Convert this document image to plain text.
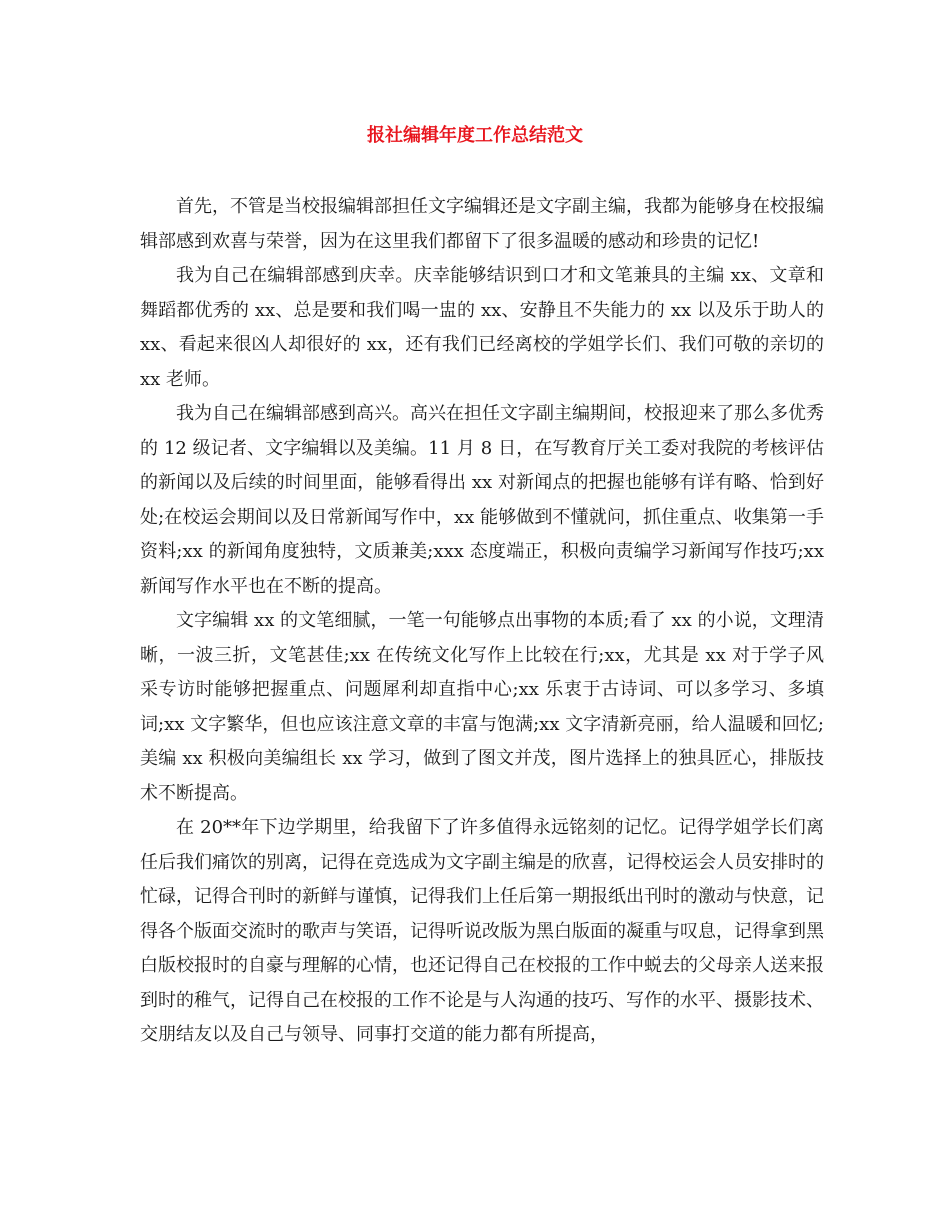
报社编辑年度工作总结范文

首先，不管是当校报编辑部担任文字编辑还是文字副主编，我都为能够身在校报编辑部感到欢喜与荣誉，因为在这里我们都留下了很多温暖的感动和珍贵的记忆!

我为自己在编辑部感到庆幸。庆幸能够结识到口才和文笔兼具的主编 xx、文章和舞蹈都优秀的 xx、总是要和我们喝一盅的 xx、安静且不失能力的 xx 以及乐于助人的 xx、看起来很凶人却很好的 xx，还有我们已经离校的学姐学长们、我们可敬的亲切的 xx 老师。

我为自己在编辑部感到高兴。高兴在担任文字副主编期间，校报迎来了那么多优秀的 12 级记者、文字编辑以及美编。11 月 8 日，在写教育厅关工委对我院的考核评估的新闻以及后续的时间里面，能够看得出 xx 对新闻点的把握也能够有详有略、恰到好处;在校运会期间以及日常新闻写作中，xx 能够做到不懂就问，抓住重点、收集第一手资料;xx 的新闻角度独特，文质兼美;xxx 态度端正，积极向责编学习新闻写作技巧;xx 新闻写作水平也在不断的提高。

文字编辑 xx 的文笔细腻，一笔一句能够点出事物的本质;看了 xx 的小说，文理清晰，一波三折，文笔甚佳;xx 在传统文化写作上比较在行;xx，尤其是 xx 对于学子风采专访时能够把握重点、问题犀利却直指中心;xx 乐衷于古诗词、可以多学习、多填词;xx 文字繁华，但也应该注意文章的丰富与饱满;xx 文字清新亮丽，给人温暖和回忆;美编 xx 积极向美编组长 xx 学习，做到了图文并茂，图片选择上的独具匠心，排版技术不断提高。

在 20**年下边学期里，给我留下了许多值得永远铭刻的记忆。记得学姐学长们离任后我们痛饮的别离，记得在竞选成为文字副主编是的欣喜，记得校运会人员安排时的忙碌，记得合刊时的新鲜与谨慎，记得我们上任后第一期报纸出刊时的激动与快意，记得各个版面交流时的歌声与笑语，记得听说改版为黑白版面的凝重与叹息，记得拿到黑白版校报时的自豪与理解的心情，也还记得自己在校报的工作中蜕去的父母亲人送来报到时的稚气，记得自己在校报的工作不论是与人沟通的技巧、写作的水平、摄影技术、交朋结友以及自己与领导、同事打交道的能力都有所提高，
